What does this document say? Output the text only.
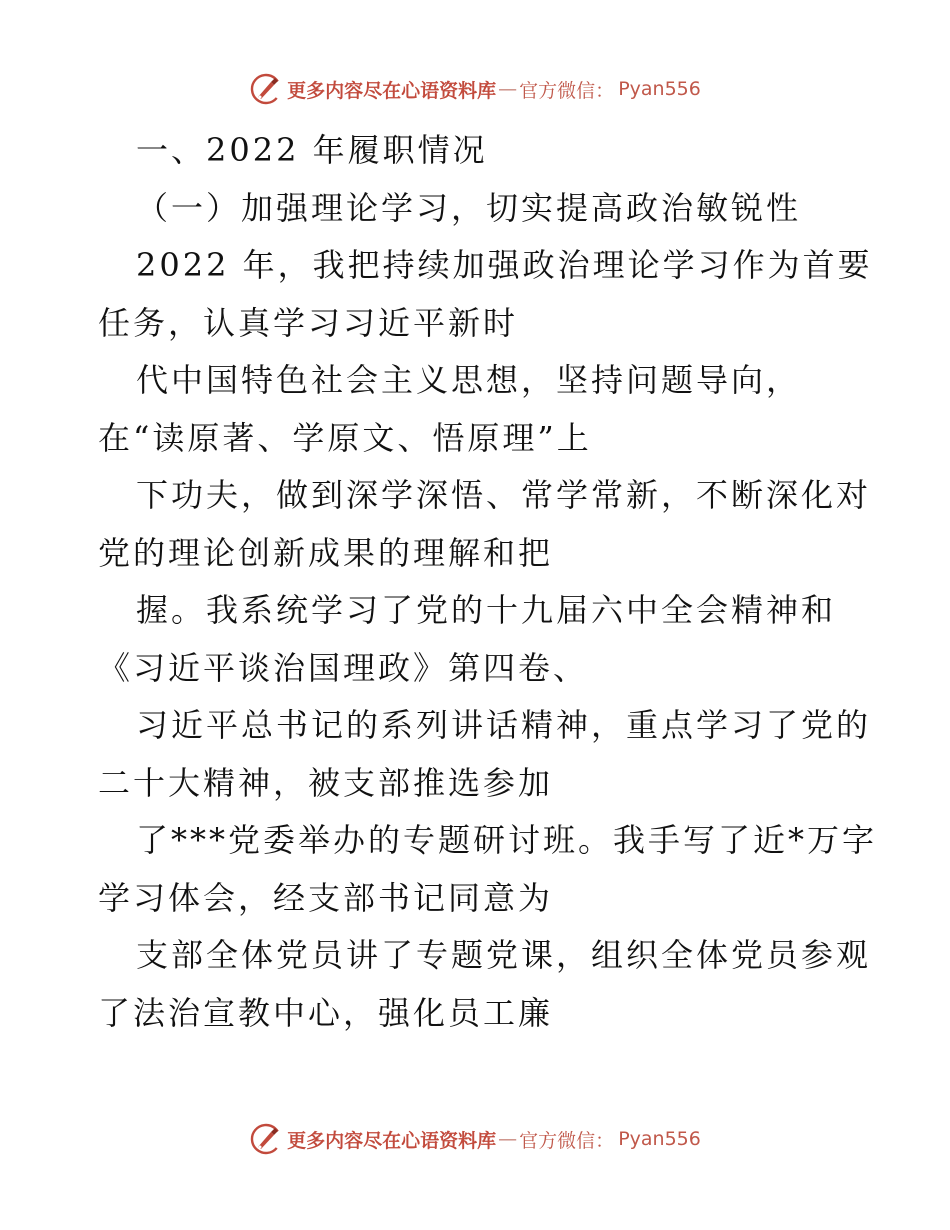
更多内容尽在心语资料库 — 官方微信： Pyan556
一、2022 年履职情况
（一）加强理论学习，切实提高政治敏锐性
2022 年，我把持续加强政治理论学习作为首要
任务，认真学习习近平新时
代中国特色社会主义思想，坚持问题导向，
在“读原著、学原文、悟原理”上
下功夫，做到深学深悟、常学常新，不断深化对
党的理论创新成果的理解和把
握。我系统学习了党的十九届六中全会精神和
《习近平谈治国理政》第四卷、
习近平总书记的系列讲话精神，重点学习了党的
二十大精神，被支部推选参加
了***党委举办的专题研讨班。我手写了近*万字
学习体会，经支部书记同意为
支部全体党员讲了专题党课，组织全体党员参观
了法治宣教中心，强化员工廉
更多内容尽在心语资料库 — 官方微信： Pyan556
